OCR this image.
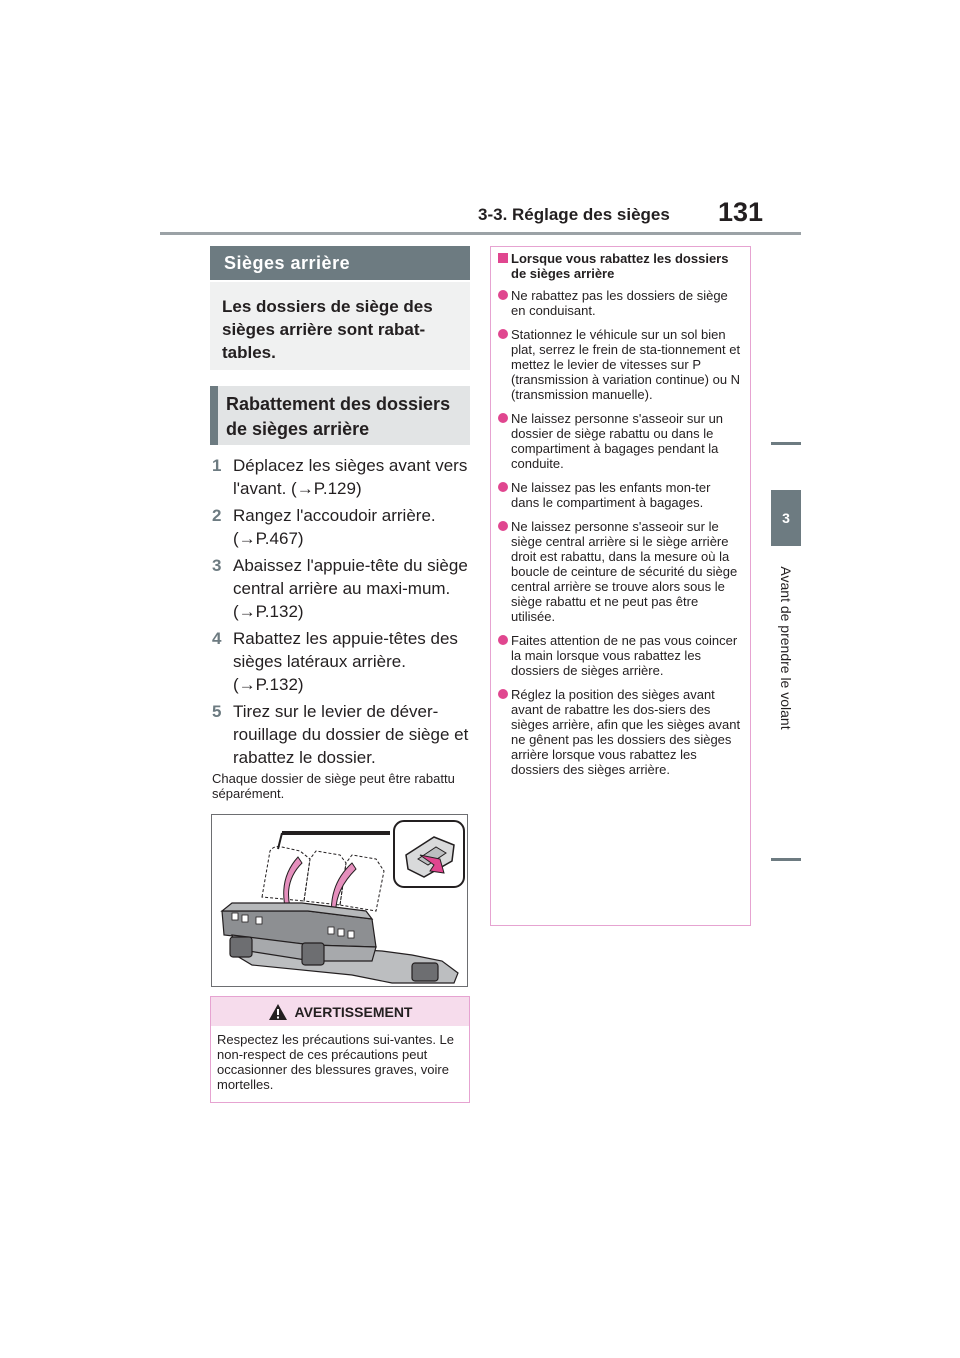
3-3. Réglage des sièges 131
3
Avant de prendre le volant
Sièges arrière
Les dossiers de siège des sièges arrière sont rabat-tables.
Rabattement des dossiers de sièges arrière
1 Déplacez les sièges avant vers l'avant. (→P.129)
2 Rangez l'accoudoir arrière. (→P.467)
3 Abaissez l'appuie-tête du siège central arrière au maxi-mum. (→P.132)
4 Rabattez les appuie-têtes des sièges latéraux arrière. (→P.132)
5 Tirez sur le levier de déver-rouillage du dossier de siège et rabattez le dossier.
Chaque dossier de siège peut être rabattu séparément.
AVERTISSEMENT
Respectez les précautions sui-vantes. Le non-respect de ces précautions peut occasionner des blessures graves, voire mortelles.
Lorsque vous rabattez les dossiers de sièges arrière
Ne rabattez pas les dossiers de siège en conduisant.
Stationnez le véhicule sur un sol bien plat, serrez le frein de sta-tionnement et mettez le levier de vitesses sur P (transmission à variation continue) ou N (transmission manuelle).
Ne laissez personne s'asseoir sur un dossier de siège rabattu ou dans le compartiment à bagages pendant la conduite.
Ne laissez pas les enfants mon-ter dans le compartiment à bagages.
Ne laissez personne s'asseoir sur le siège central arrière si le siège arrière droit est rabattu, dans la mesure où la boucle de ceinture de sécurité du siège central arrière se trouve alors sous le siège rabattu et ne peut pas être utilisée.
Faites attention de ne pas vous coincer la main lorsque vous rabattez les dossiers de sièges arrière.
Réglez la position des sièges avant avant de rabattre les dos-siers des sièges arrière, afin que les sièges avant ne gênent pas les dossiers des sièges arrière lorsque vous rabattez les dossiers des sièges arrière.
